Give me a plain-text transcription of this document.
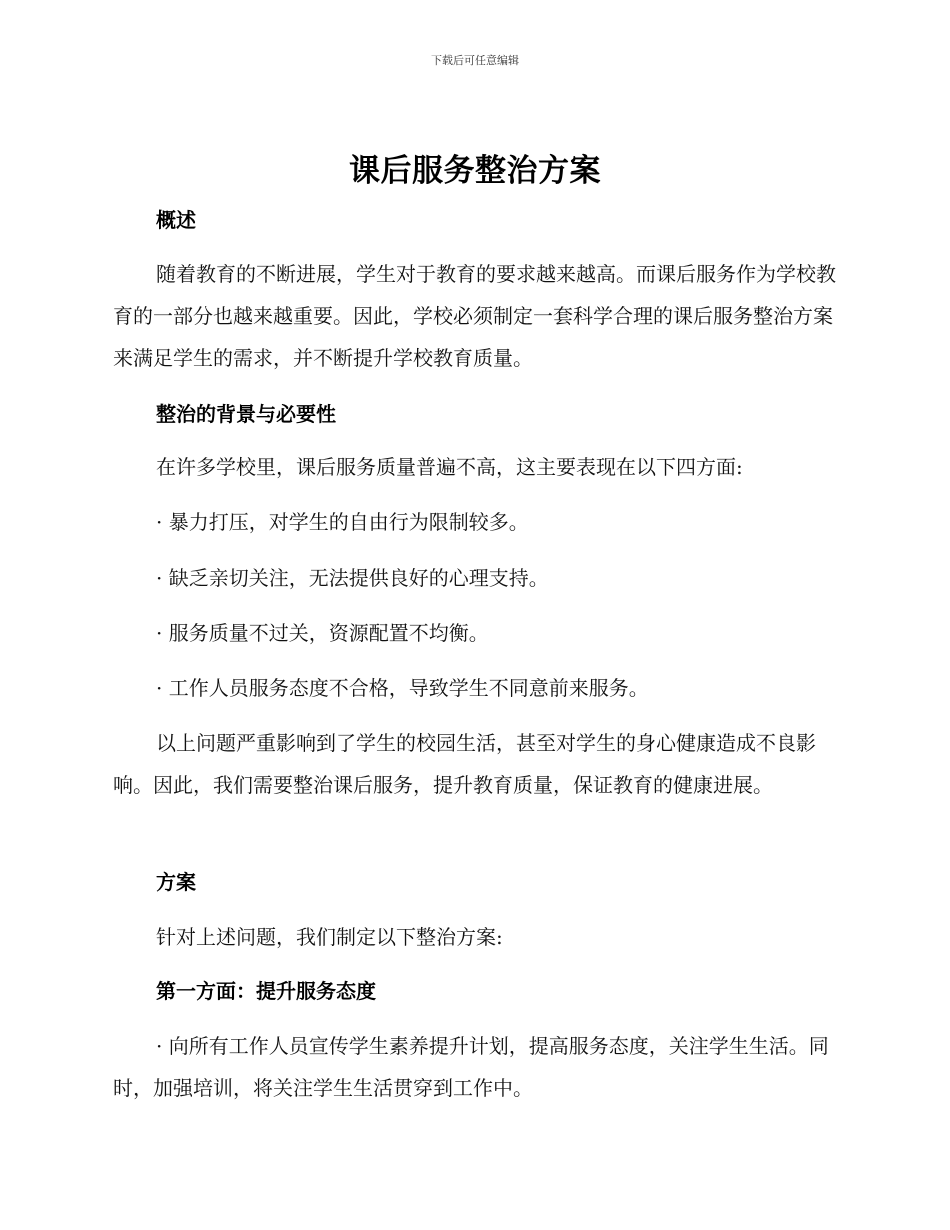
下载后可任意编辑
课后服务整治方案
概述

随着教育的不断进展，学生对于教育的要求越来越高。而课后服务作为学校教育的一部分也越来越重要。因此，学校必须制定一套科学合理的课后服务整治方案来满足学生的需求，并不断提升学校教育质量。

整治的背景与必要性
在许多学校里，课后服务质量普遍不高，这主要表现在以下四方面:
· 暴力打压，对学生的自由行为限制较多。
· 缺乏亲切关注，无法提供良好的心理支持。
· 服务质量不过关，资源配置不均衡。
· 工作人员服务态度不合格，导致学生不同意前来服务。

以上问题严重影响到了学生的校园生活，甚至对学生的身心健康造成不良影响。因此，我们需要整治课后服务，提升教育质量，保证教育的健康进展。

方案
针对上述问题，我们制定以下整治方案:
第一方面：提升服务态度

· 向所有工作人员宣传学生素养提升计划，提高服务态度，关注学生生活。同时，加强培训，将关注学生生活贯穿到工作中。
